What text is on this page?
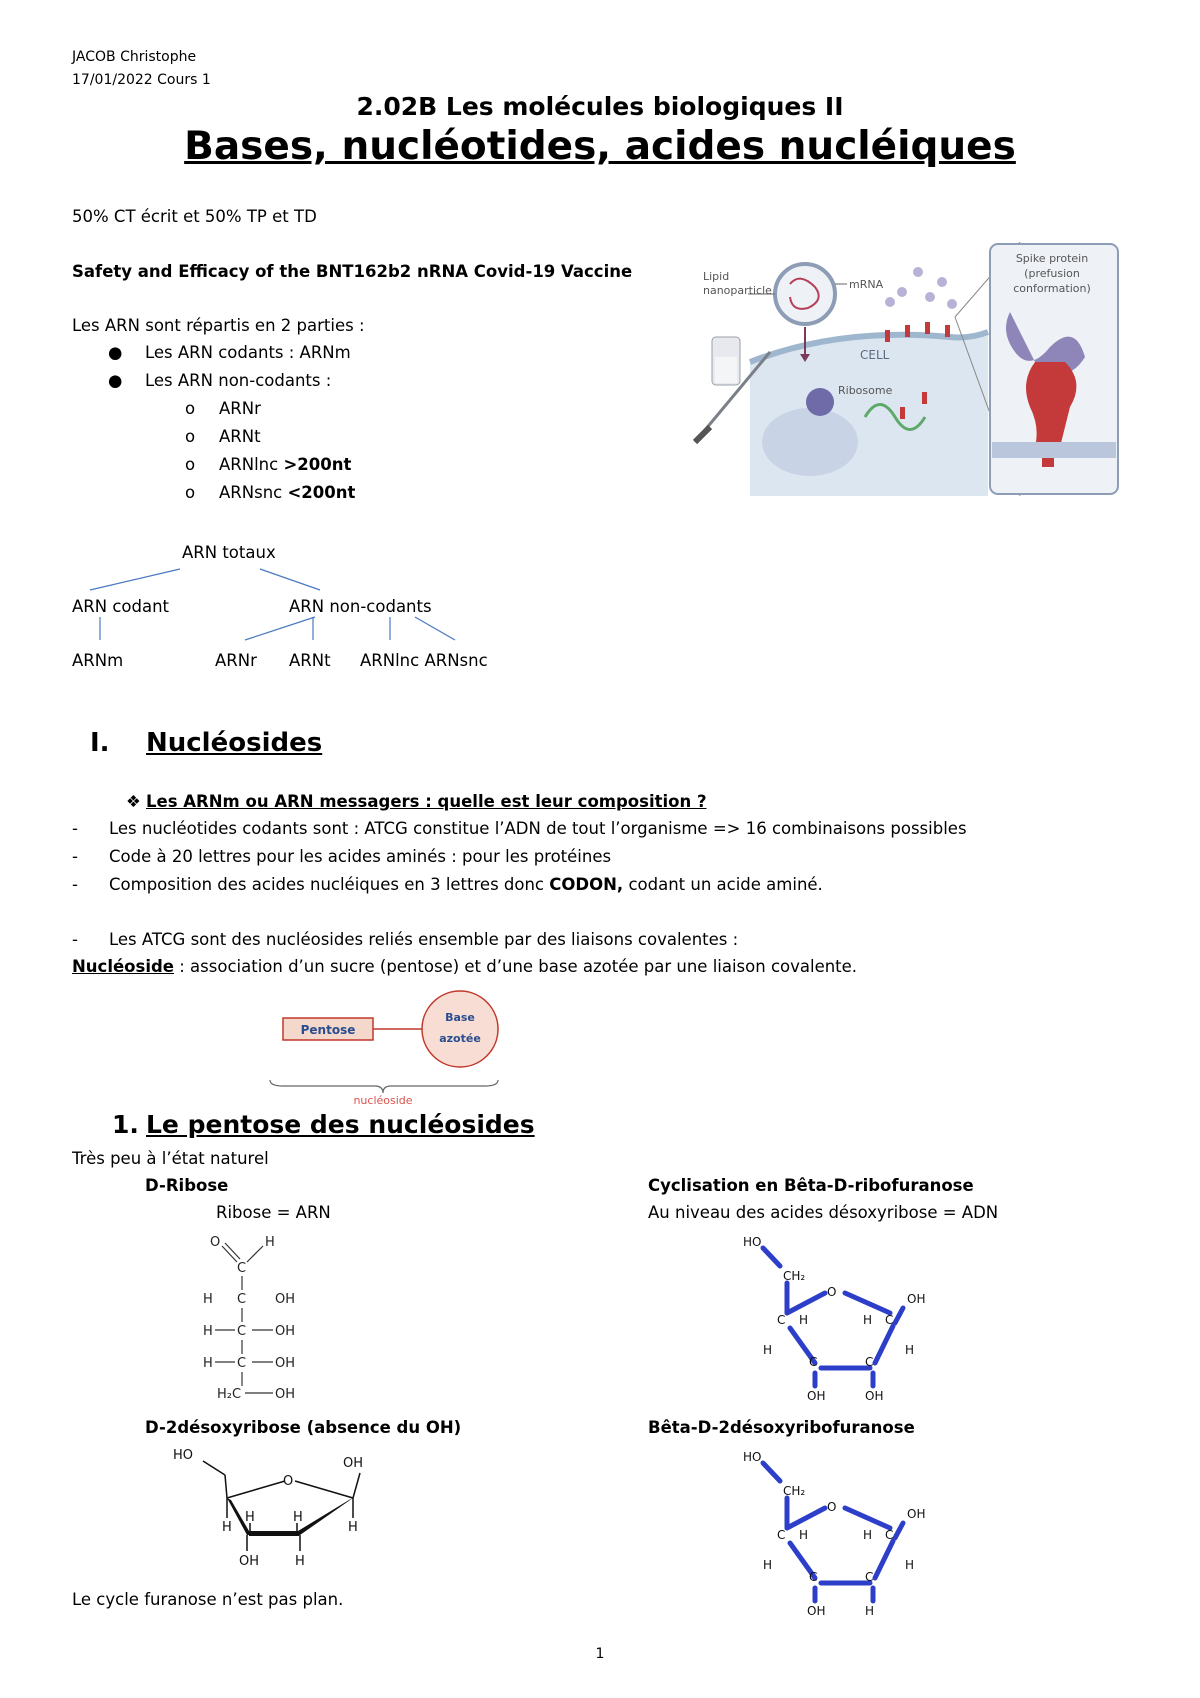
JACOB Christophe
17/01/2022 Cours 1
2.02B Les molécules biologiques II
Bases, nucléotides, acides nucléiques
50% CT écrit et 50% TP et TD
Safety and Efficacy of the BNT162b2 nRNA Covid-19 Vaccine
Les ARN sont répartis en 2 parties :
● Les ARN codants : ARNm
● Les ARN non-codants :
o ARNr
o ARNt
o ARNlnc >200nt
o ARNsnc <200nt
Lipid
nanoparticle	mRNA
Ribosome
CELL
Spike protein
(prefusion
conformation)
ARN totaux
ARN codant	ARN non-codants
ARNm	ARNr ARNt ARNlnc ARNsnc
I. Nucléosides
❖ Les ARNm ou ARN messagers : quelle est leur composition ?
- Les nucléotides codants sont : ATCG constitue l’ADN de tout l’organisme => 16 combinaisons possibles
- Code à 20 lettres pour les acides aminés : pour les protéines
- Composition des acides nucléiques en 3 lettres donc CODON, codant un acide aminé.
- Les ATCG sont des nucléosides reliés ensemble par des liaisons covalentes :
Nucléoside : association d’un sucre (pentose) et d’une base azotée par une liaison covalente.
Pentose
Base
azotée
nucléoside
1. Le pentose des nucléosides
Très peu à l’état naturel
D-Ribose
Ribose = ARN
Cyclisation en Bêta-D-ribofuranose
Au niveau des acides désoxyribose = ADN
O	H
C
H C OH
H C OH
H C OH
H₂C	OH
HO
CH₂
O	OH
C H	H C
H	H
C	C
OH	OH
D-2désoxyribose (absence du OH)	Bêta-D-2désoxyribofuranose
HO
O
OH
H	H
H	H
OH	H
HO
CH₂
O	OH
C H	H C
H	H
C	C
OH	H
Le cycle furanose n’est pas plan.
1
